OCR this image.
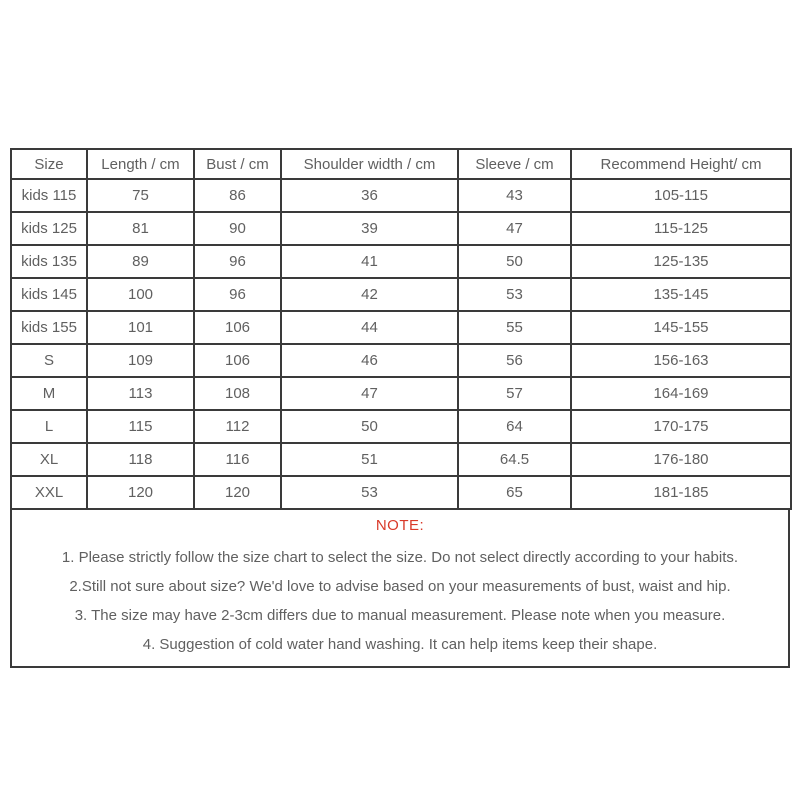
Size	Length / cm	Bust / cm	Shoulder width / cm	Sleeve / cm	Recommend Height/ cm
kids 115	75	86	36	43	105-115
kids 125	81	90	39	47	115-125
kids 135	89	96	41	50	125-135
kids 145	100	96	42	53	135-145
kids 155	101	106	44	55	145-155
S	109	106	46	56	156-163
M	113	108	47	57	164-169
L	115	112	50	64	170-175
XL	118	116	51	64.5	176-180
XXL	120	120	53	65	181-185
NOTE:
1. Please strictly follow the size chart to select the size. Do not select directly according to your habits.
2.Still not sure about size? We'd love to advise based on your measurements of bust, waist and hip.
3. The size may have 2-3cm differs due to manual measurement. Please note when you measure.
4. Suggestion of cold water hand washing. It can help items keep their shape.
